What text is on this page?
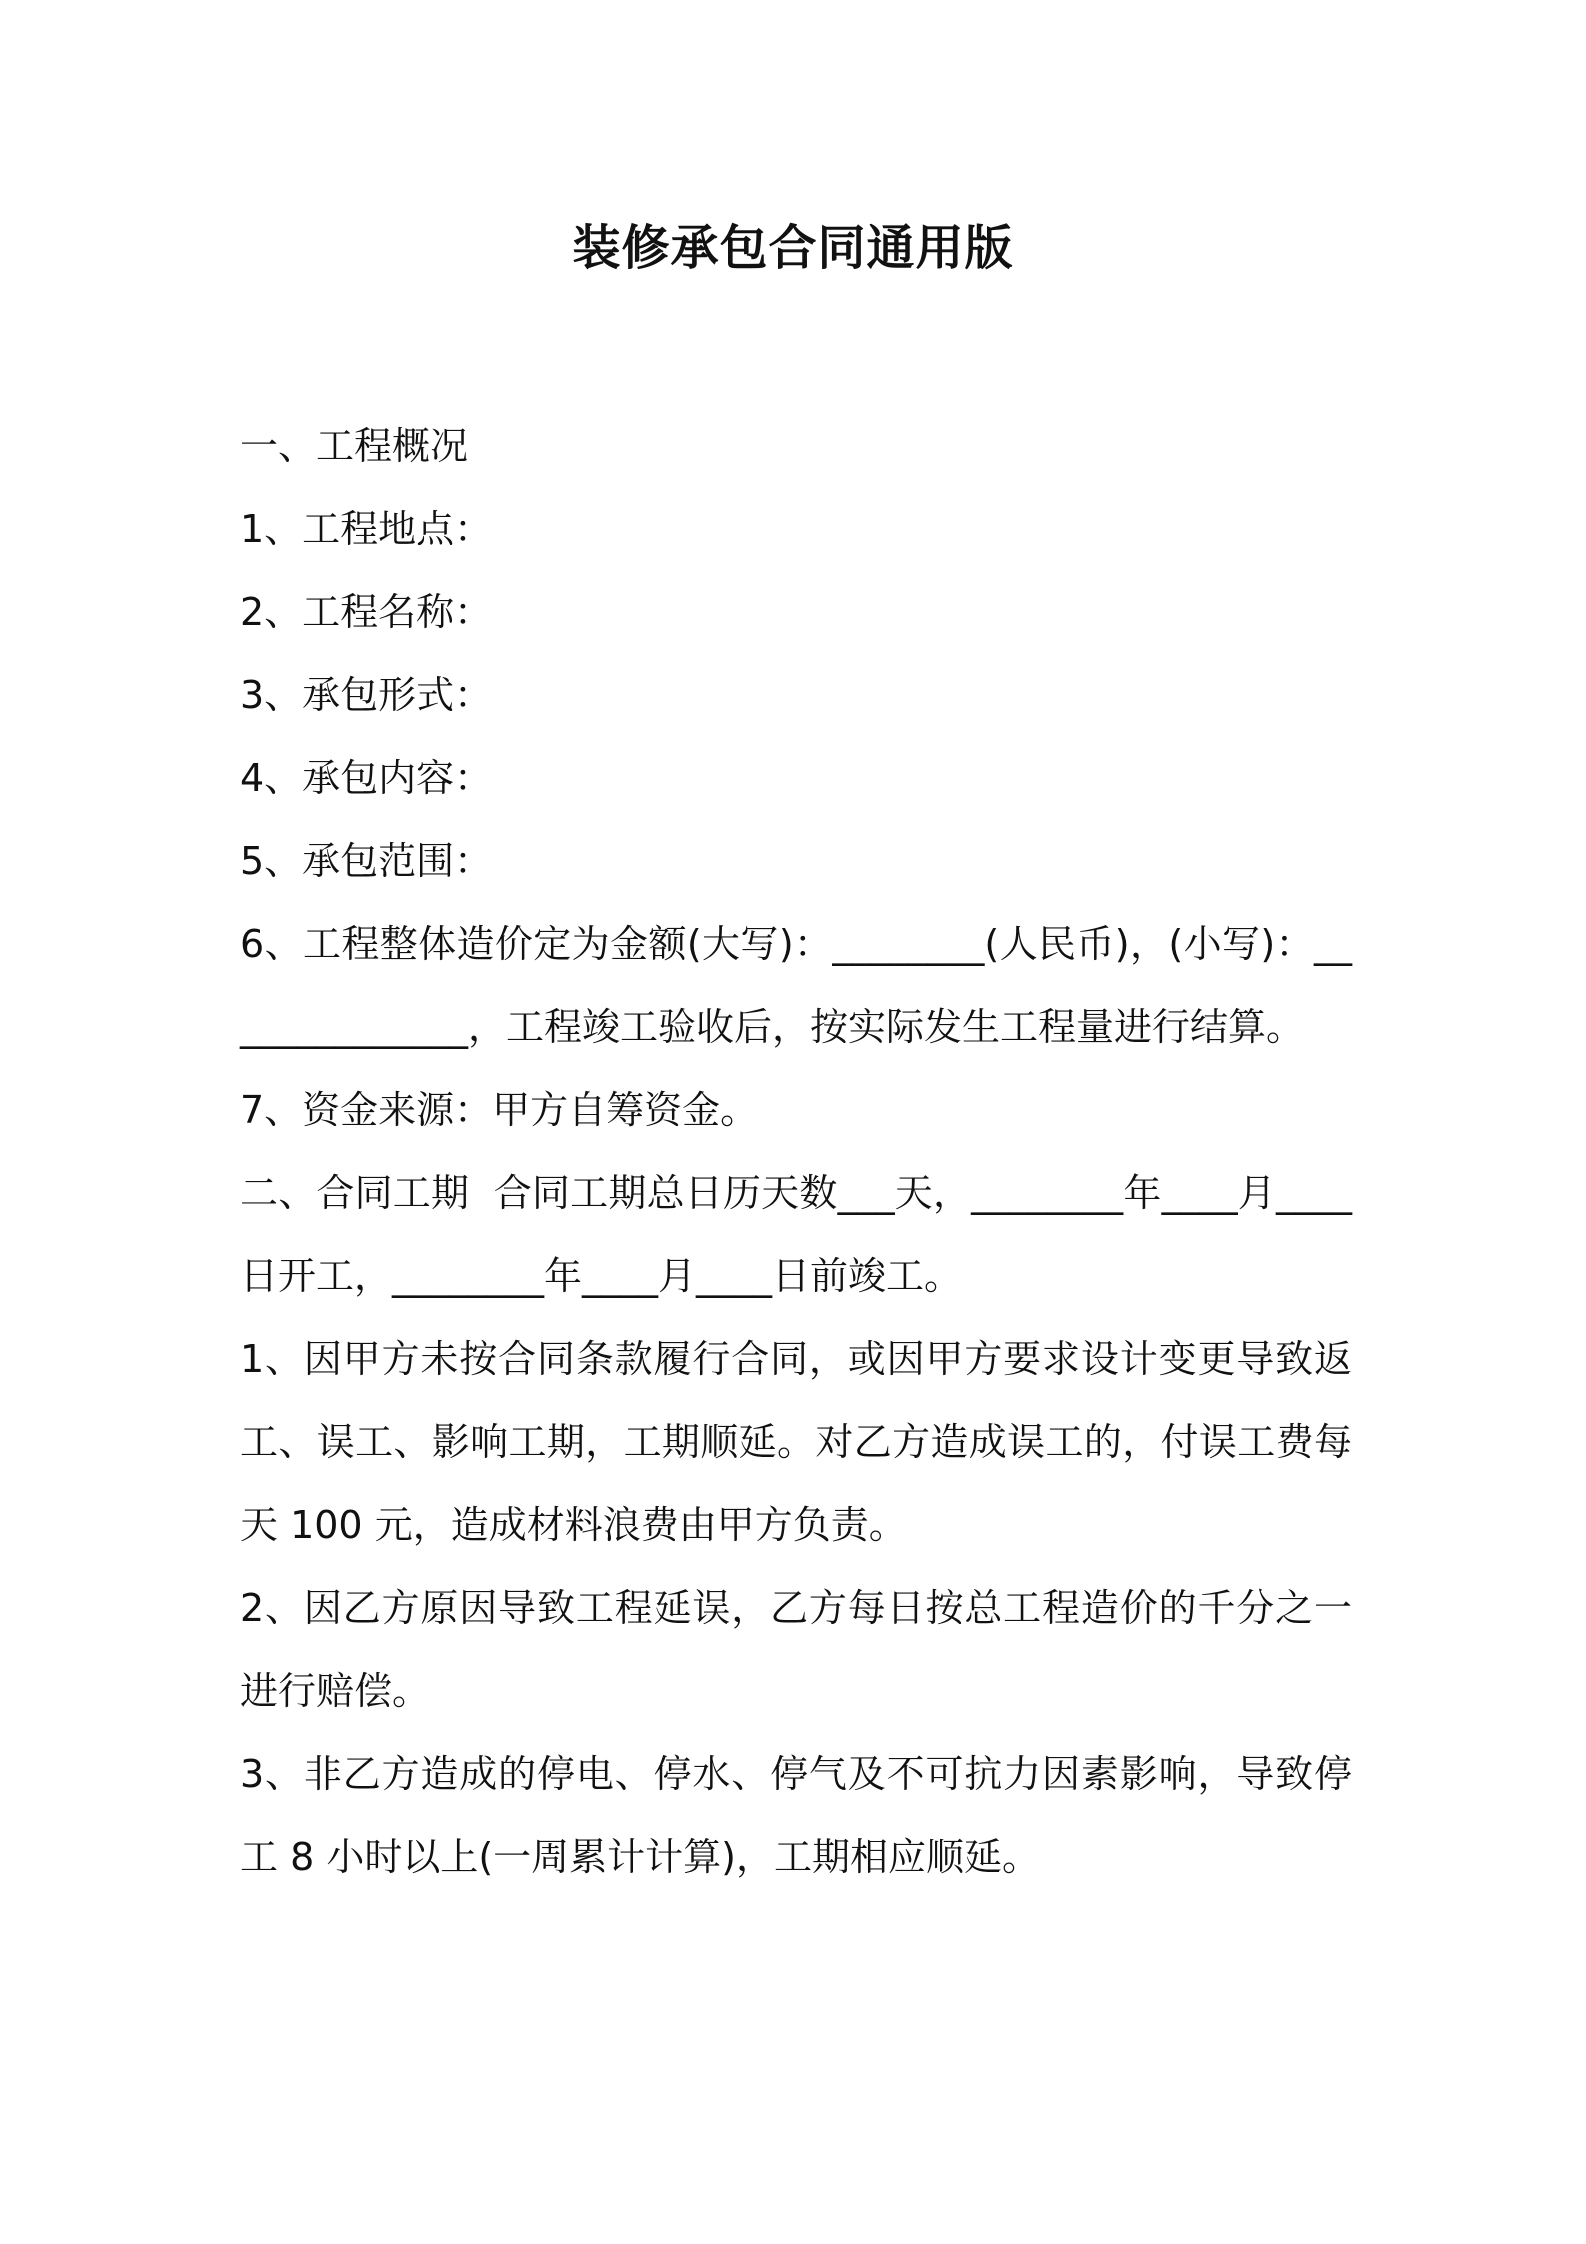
装修承包合同通用版

一、工程概况

1、工程地点：

2、工程名称：

3、承包形式：

4、承包内容：

5、承包范围：

6、工程整体造价定为金额(大写)：________(人民币)，(小写)：______________，工程竣工验收后，按实际发生工程量进行结算。

7、资金来源：甲方自筹资金。

二、合同工期  合同工期总日历天数___天，________年____月____日开工，________年____月____日前竣工。

1、因甲方未按合同条款履行合同，或因甲方要求设计变更导致返工、误工、影响工期，工期顺延。对乙方造成误工的，付误工费每天 100 元，造成材料浪费由甲方负责。

2、因乙方原因导致工程延误，乙方每日按总工程造价的千分之一进行赔偿。

3、非乙方造成的停电、停水、停气及不可抗力因素影响，导致停工 8 小时以上(一周累计计算)，工期相应顺延。
